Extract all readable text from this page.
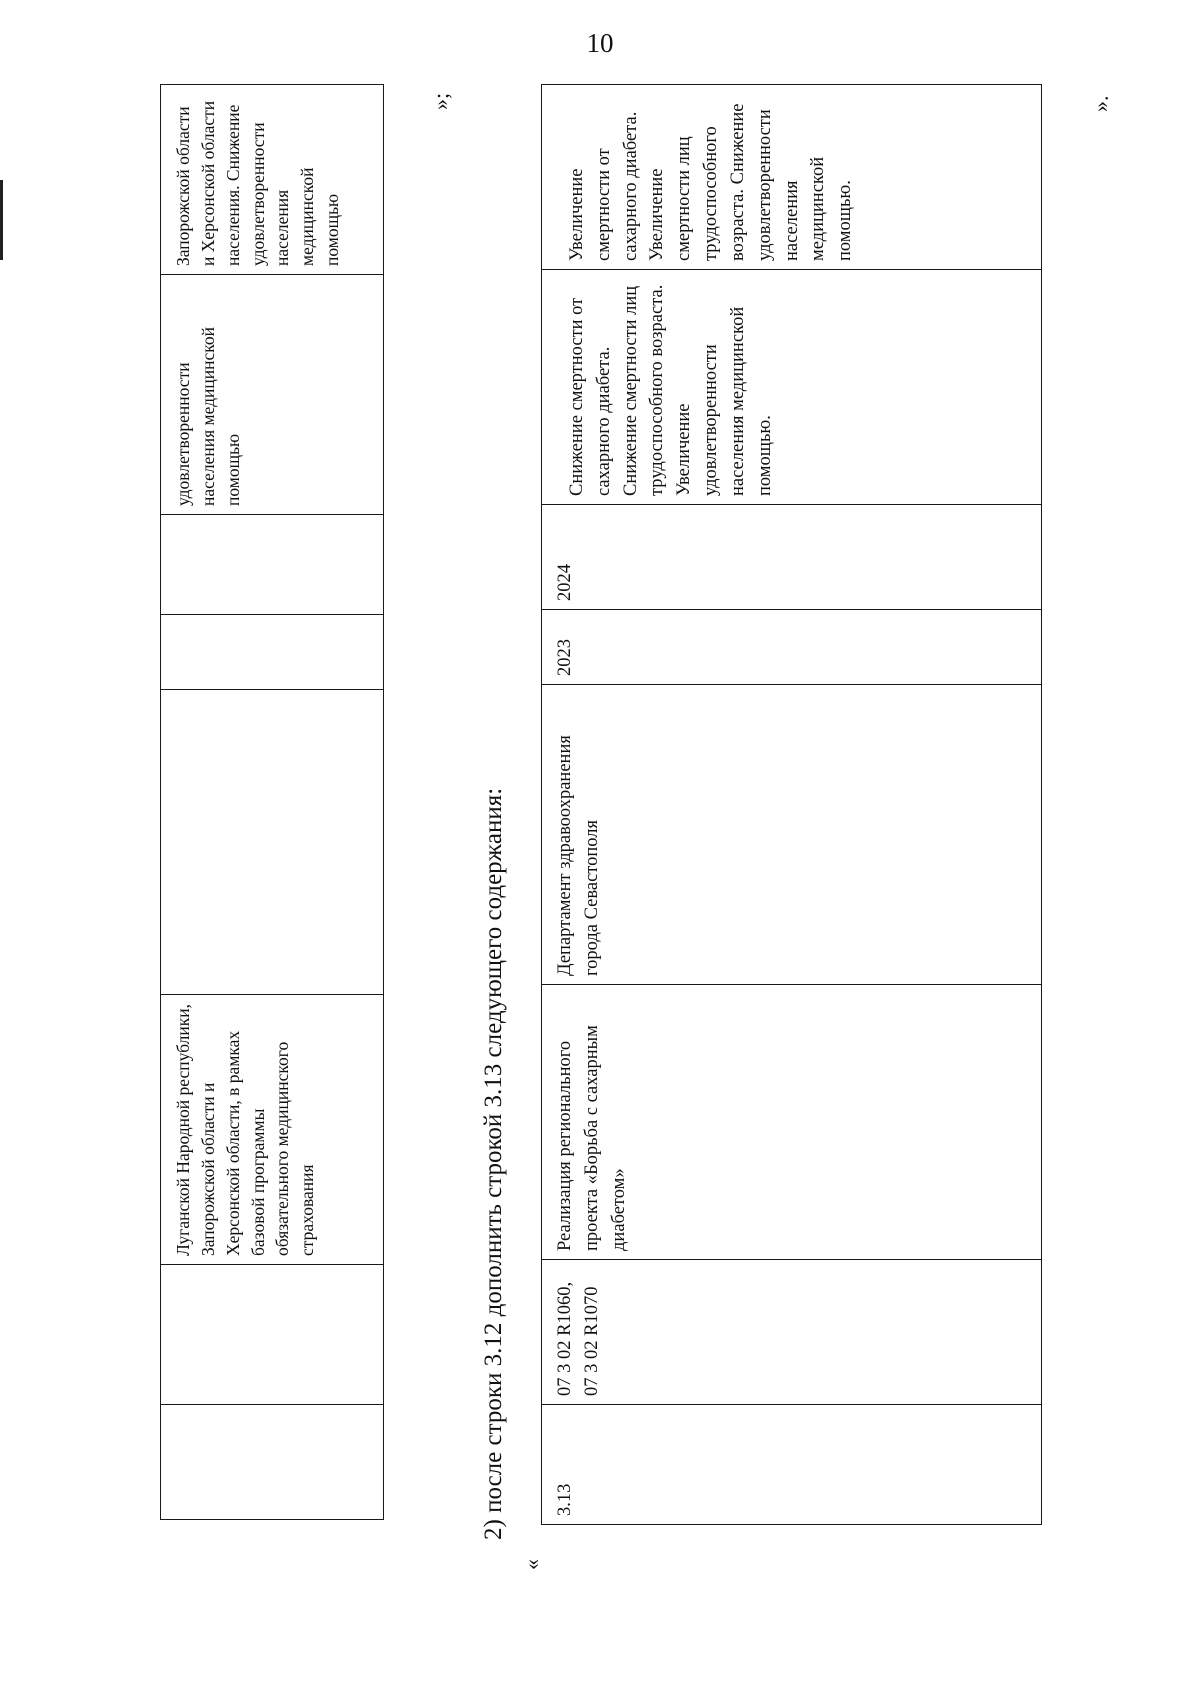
10
		Луганской Народной республики, Запорожской области и Херсонской области, в рамках базовой программы обязательного медицинского страхования				удовлетворенности населения медицинской помощью	Запорожской области и Херсонской области населения. Снижение удовлетворенности населения медицинской помощью
»;
2) после строки 3.12 дополнить строкой 3.13 следующего содержания:
«
3.13	07 3 02 R1060, 07 3 02 R1070	Реализация регионального проекта «Борьба с сахарным диабетом»	Департамент здравоохранения города Севастополя	2023	2024	Снижение смертности от сахарного диабета. Снижение смертности лиц трудоспособного возраста. Увеличение удовлетворенности населения медицинской помощью.	Увеличение смертности от сахарного диабета. Увеличение смертности лиц трудоспособного возраста. Снижение удовлетворенности населения медицинской помощью.
».
